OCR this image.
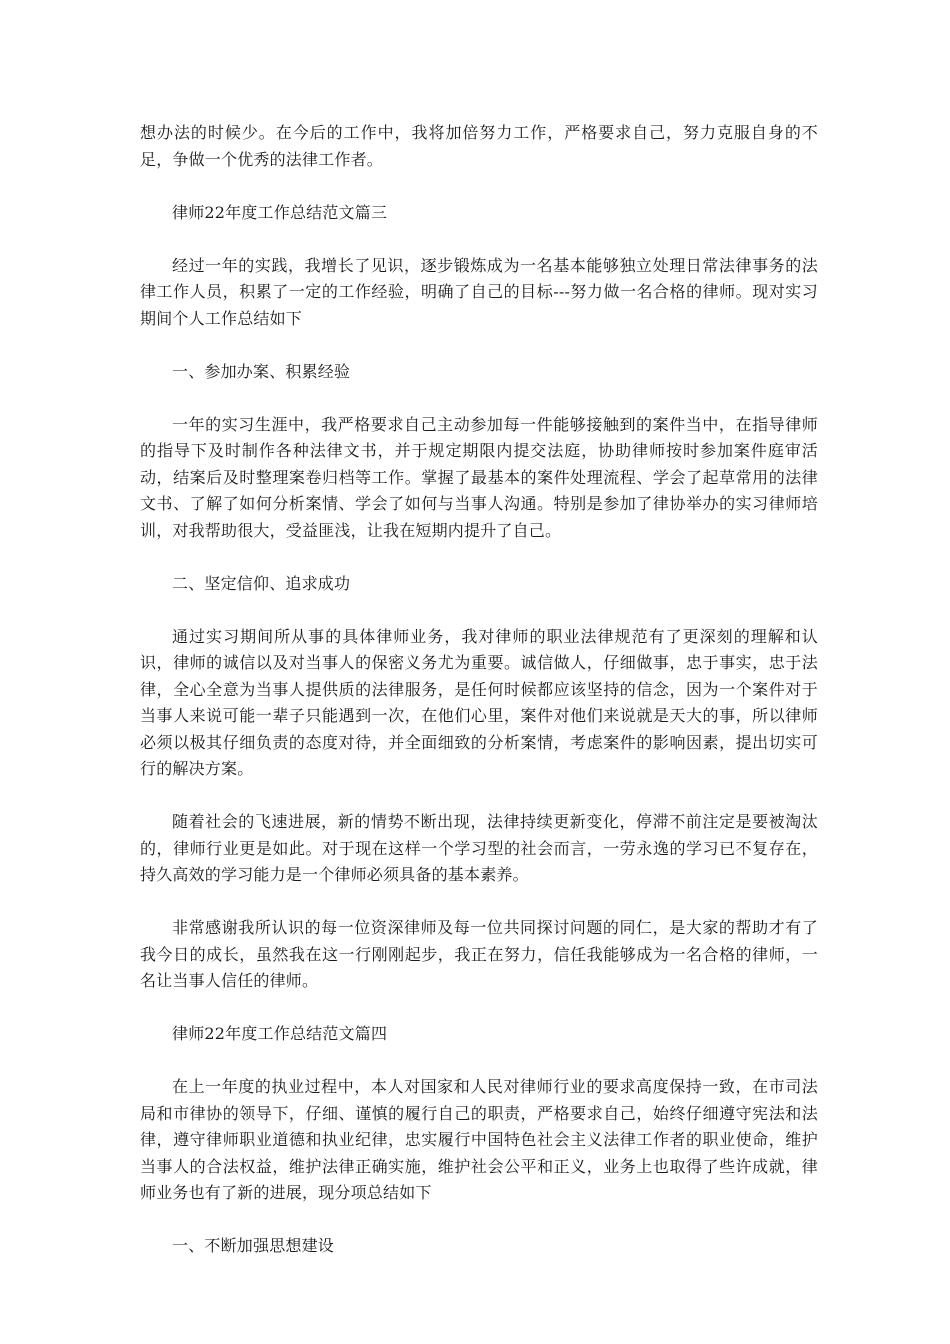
想办法的时候少。在今后的工作中，我将加倍努力工作，严格要求自己，努力克服自身的不足，争做一个优秀的法律工作者。

律师22年度工作总结范文篇三

经过一年的实践，我增长了见识，逐步锻炼成为一名基本能够独立处理日常法律事务的法律工作人员，积累了一定的工作经验，明确了自己的目标---努力做一名合格的律师。现对实习期间个人工作总结如下

一、参加办案、积累经验

一年的实习生涯中，我严格要求自己主动参加每一件能够接触到的案件当中，在指导律师的指导下及时制作各种法律文书，并于规定期限内提交法庭，协助律师按时参加案件庭审活动，结案后及时整理案卷归档等工作。掌握了最基本的案件处理流程、学会了起草常用的法律文书、了解了如何分析案情、学会了如何与当事人沟通。特别是参加了律协举办的实习律师培训，对我帮助很大，受益匪浅，让我在短期内提升了自己。

二、坚定信仰、追求成功

通过实习期间所从事的具体律师业务，我对律师的职业法律规范有了更深刻的理解和认识，律师的诚信以及对当事人的保密义务尤为重要。诚信做人，仔细做事，忠于事实，忠于法律，全心全意为当事人提供质的法律服务，是任何时候都应该坚持的信念，因为一个案件对于当事人来说可能一辈子只能遇到一次，在他们心里，案件对他们来说就是天大的事，所以律师必须以极其仔细负责的态度对待，并全面细致的分析案情，考虑案件的影响因素，提出切实可行的解决方案。

随着社会的飞速进展，新的情势不断出现，法律持续更新变化，停滞不前注定是要被淘汰的，律师行业更是如此。对于现在这样一个学习型的社会而言，一劳永逸的学习已不复存在，持久高效的学习能力是一个律师必须具备的基本素养。

非常感谢我所认识的每一位资深律师及每一位共同探讨问题的同仁，是大家的帮助才有了我今日的成长，虽然我在这一行刚刚起步，我正在努力，信任我能够成为一名合格的律师，一名让当事人信任的律师。

律师22年度工作总结范文篇四

在上一年度的执业过程中，本人对国家和人民对律师行业的要求高度保持一致，在市司法局和市律协的领导下，仔细、谨慎的履行自己的职责，严格要求自己，始终仔细遵守宪法和法律，遵守律师职业道德和执业纪律，忠实履行中国特色社会主义法律工作者的职业使命，维护当事人的合法权益，维护法律正确实施，维护社会公平和正义，业务上也取得了些许成就，律师业务也有了新的进展，现分项总结如下

一、不断加强思想建设
